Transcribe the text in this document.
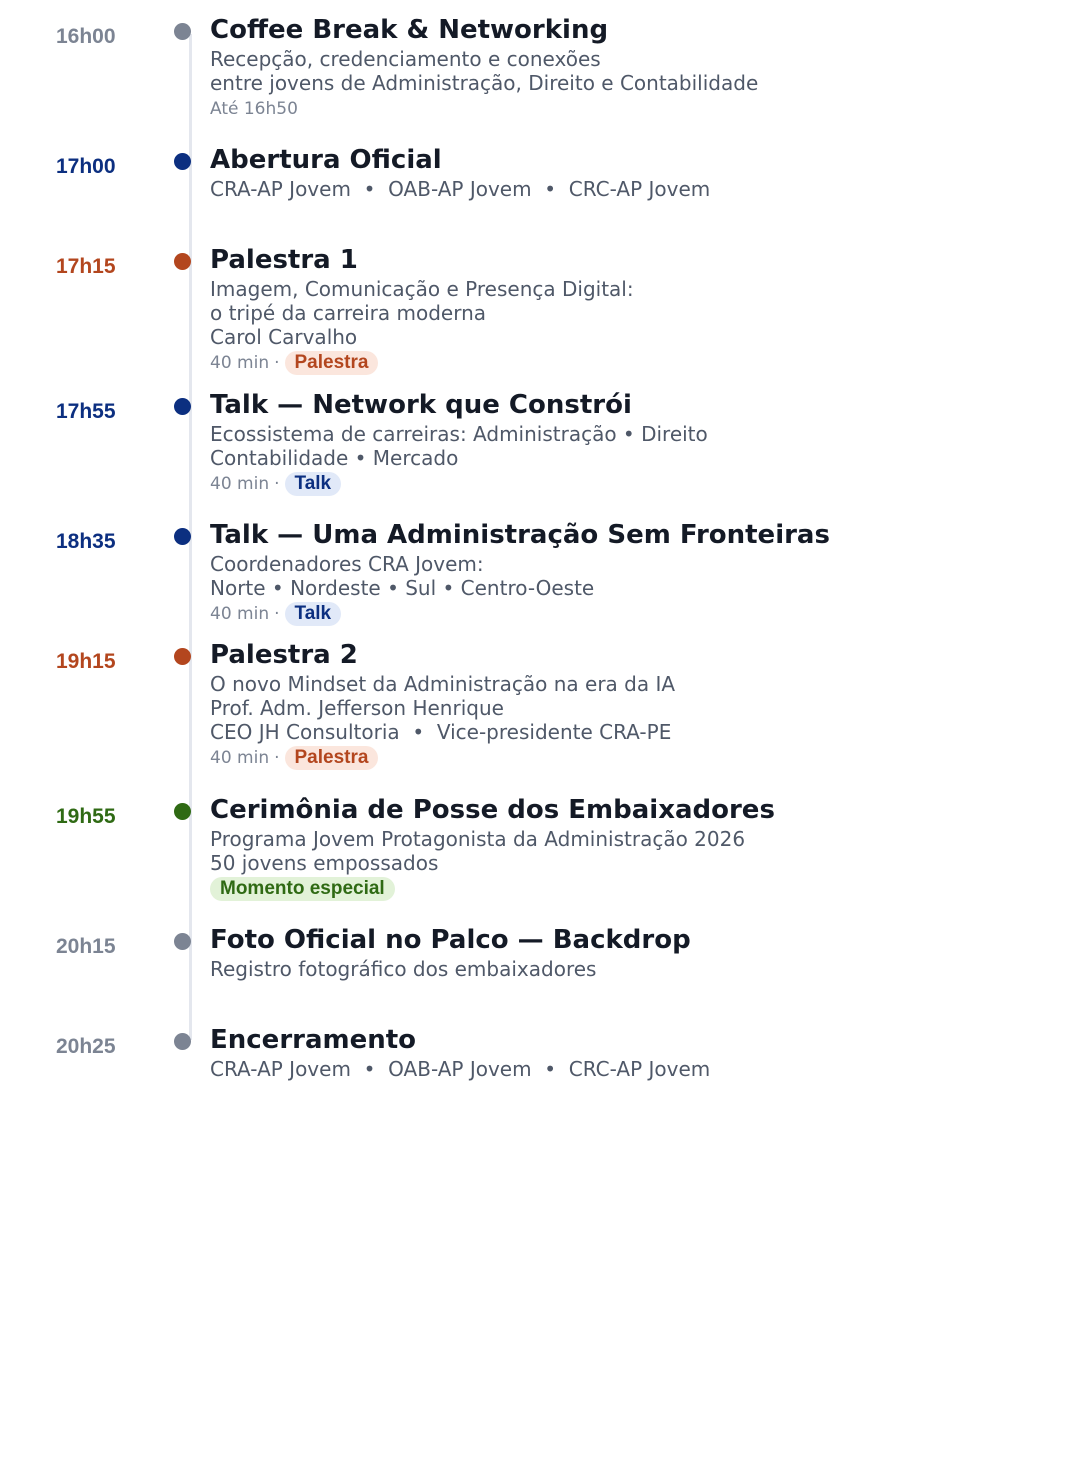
16h00	Coffee Break & Networking
Recepção, credenciamento e conexões
entre jovens de Administração, Direito e Contabilidade
Até 16h50
17h00	Abertura Oficial
CRA-AP Jovem  •  OAB-AP Jovem  •  CRC-AP Jovem
17h15	Palestra 1
Imagem, Comunicação e Presença Digital:
o tripé da carreira moderna
Carol Carvalho
40 min · Palestra
17h55	Talk — Network que Constrói
Ecossistema de carreiras: Administração • Direito
Contabilidade • Mercado
40 min · Talk
18h35	Talk — Uma Administração Sem Fronteiras
Coordenadores CRA Jovem:
Norte • Nordeste • Sul • Centro-Oeste
40 min · Talk
19h15	Palestra 2
O novo Mindset da Administração na era da IA
Prof. Adm. Jefferson Henrique
CEO JH Consultoria  •  Vice-presidente CRA-PE
40 min · Palestra
19h55	Cerimônia de Posse dos Embaixadores
Programa Jovem Protagonista da Administração 2026
50 jovens empossados
Momento especial
20h15	Foto Oficial no Palco — Backdrop
Registro fotográfico dos embaixadores
20h25	Encerramento
CRA-AP Jovem  •  OAB-AP Jovem  •  CRC-AP Jovem
